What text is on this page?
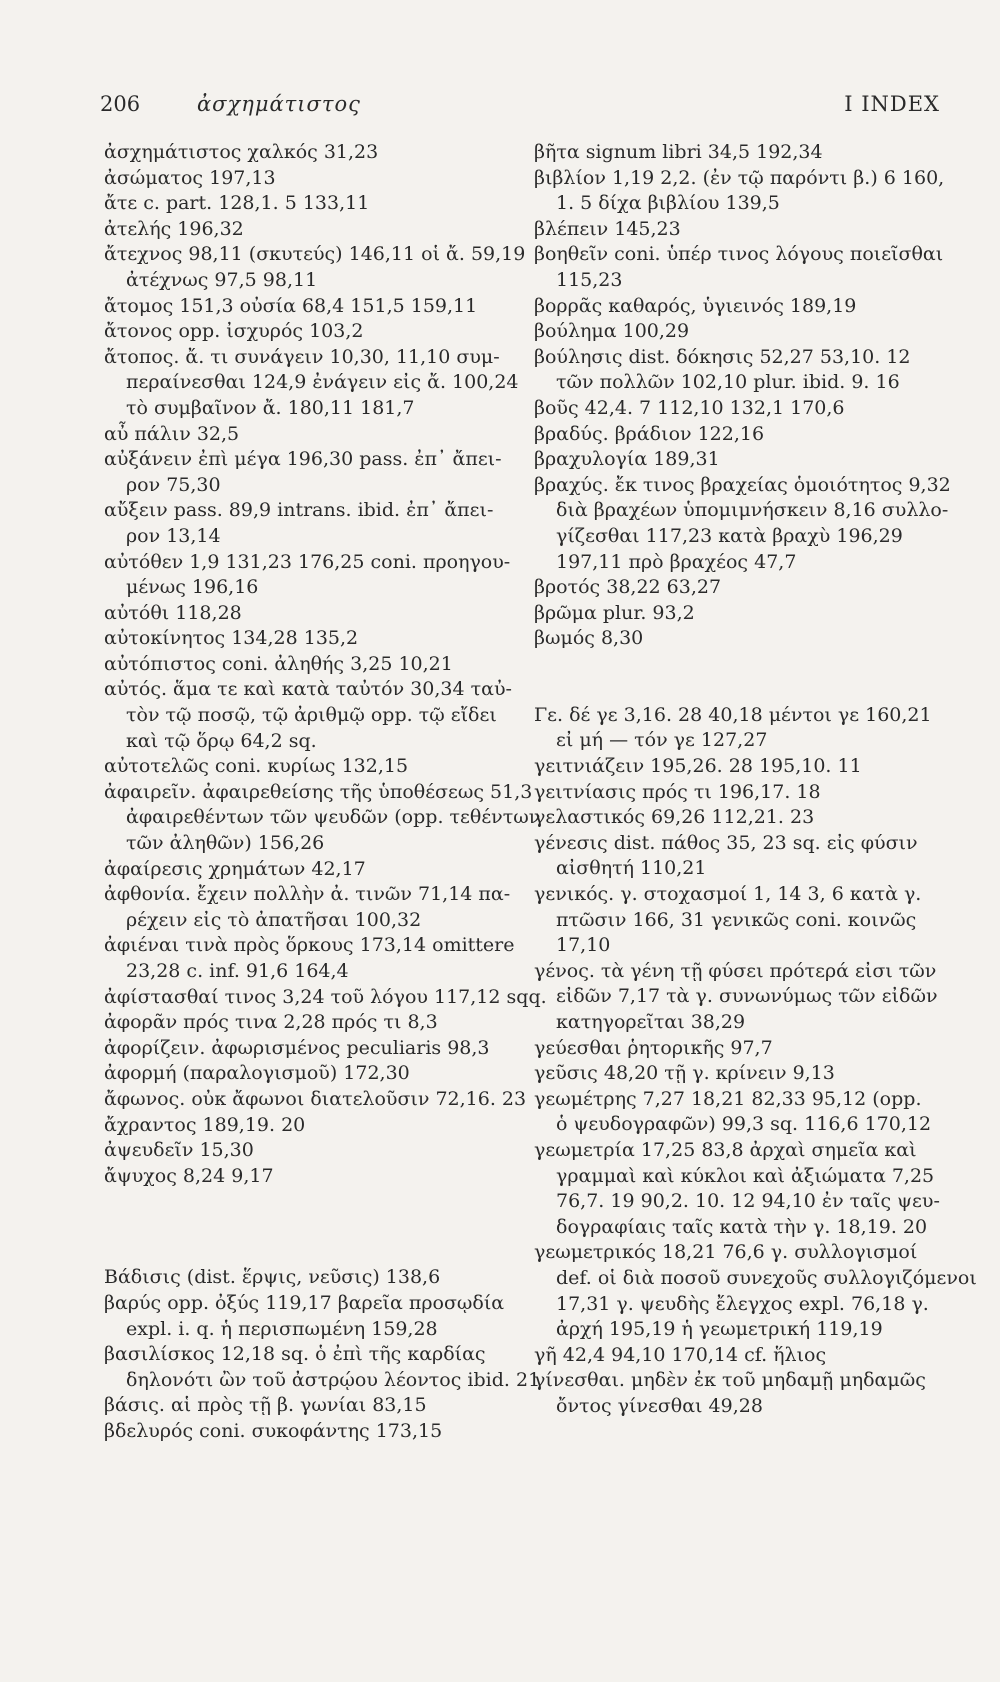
206	ἀσχημάτιστος	I INDEX
ἀσχημάτιστος χαλκός 31,23
ἀσώματος 197,13
ἄτε c. part. 128,1. 5 133,11
ἀτελής 196,32
ἄτεχνος 98,11 (σκυτεύς) 146,11 οἱ ἄ. 59,19
ἀτέχνως 97,5 98,11
ἄτομος 151,3 οὐσία 68,4 151,5 159,11
ἄτονος opp. ἰσχυρός 103,2
ἄτοπος. ἄ. τι συνάγειν 10,30, 11,10 συμ-
περαίνεσθαι 124,9 ἐνάγειν εἰς ἄ. 100,24
τὸ συμβαῖνον ἄ. 180,11 181,7
αὖ πάλιν 32,5
αὐξάνειν ἐπὶ μέγα 196,30 pass. ἐπ᾽ ἄπει-
ρον 75,30
αὔξειν pass. 89,9 intrans. ibid. ἐπ᾽ ἄπει-
ρον 13,14
αὐτόθεν 1,9 131,23 176,25 coni. προηγου-
μένως 196,16
αὐτόθι 118,28
αὐτοκίνητος 134,28 135,2
αὐτόπιστος coni. ἀληθής 3,25 10,21
αὐτός. ἅμα τε καὶ κατὰ ταὐτόν 30,34 ταὐ-
τὸν τῷ ποσῷ, τῷ ἀριθμῷ opp. τῷ εἴδει
καὶ τῷ ὅρῳ 64,2 sq.
αὐτοτελῶς coni. κυρίως 132,15
ἀφαιρεῖν. ἀφαιρεθείσης τῆς ὑποθέσεως 51,3
ἀφαιρεθέντων τῶν ψευδῶν (opp. τεθέντων
τῶν ἀληθῶν) 156,26
ἀφαίρεσις χρημάτων 42,17
ἀφθονία. ἔχειν πολλὴν ἀ. τινῶν 71,14 πα-
ρέχειν εἰς τὸ ἀπατῆσαι 100,32
ἀφιέναι τινὰ πρὸς ὅρκους 173,14 omittere
23,28 c. inf. 91,6 164,4
ἀφίστασθαί τινος 3,24 τοῦ λόγου 117,12 sqq.
ἀφορᾶν πρός τινα 2,28 πρός τι 8,3
ἀφορίζειν. ἀφωρισμένος peculiaris 98,3
ἀφορμή (παραλογισμοῦ) 172,30
ἄφωνος. οὐκ ἄφωνοι διατελοῦσιν 72,16. 23
ἄχραντος 189,19. 20
ἀψευδεῖν 15,30
ἄψυχος 8,24 9,17
Βάδισις (dist. ἕρψις, νεῦσις) 138,6
βαρύς opp. ὀξύς 119,17 βαρεῖα προσῳδία
expl. i. q. ἡ περισπωμένη 159,28
βασιλίσκος 12,18 sq. ὁ ἐπὶ τῆς καρδίας
δηλονότι ὢν τοῦ ἀστρῴου λέοντος ibid. 21
βάσις. αἱ πρὸς τῇ β. γωνίαι 83,15
βδελυρός coni. συκοφάντης 173,15
βῆτα signum libri 34,5 192,34
βιβλίον 1,19 2,2. (ἐν τῷ παρόντι β.) 6 160,
1. 5 δίχα βιβλίου 139,5
βλέπειν 145,23
βοηθεῖν coni. ὑπέρ τινος λόγους ποιεῖσθαι
115,23
βορρᾶς καθαρός, ὑγιεινός 189,19
βούλημα 100,29
βούλησις dist. δόκησις 52,27 53,10. 12
τῶν πολλῶν 102,10 plur. ibid. 9. 16
βοῦς 42,4. 7 112,10 132,1 170,6
βραδύς. βράδιον 122,16
βραχυλογία 189,31
βραχύς. ἔκ τινος βραχείας ὁμοιότητος 9,32
διὰ βραχέων ὑπομιμνήσκειν 8,16 συλλο-
γίζεσθαι 117,23 κατὰ βραχὺ 196,29
197,11 πρὸ βραχέος 47,7
βροτός 38,22 63,27
βρῶμα plur. 93,2
βωμός 8,30
Γε. δέ γε 3,16. 28 40,18 μέντοι γε 160,21
εἰ μή — τόν γε 127,27
γειτνιάζειν 195,26. 28 195,10. 11
γειτνίασις πρός τι 196,17. 18
γελαστικός 69,26 112,21. 23
γένεσις dist. πάθος 35, 23 sq. εἰς φύσιν
αἰσθητή 110,21
γενικός. γ. στοχασμοί 1, 14 3, 6 κατὰ γ.
πτῶσιν 166, 31 γενικῶς coni. κοινῶς
17,10
γένος. τὰ γένη τῇ φύσει πρότερά εἰσι τῶν
εἰδῶν 7,17 τὰ γ. συνωνύμως τῶν εἰδῶν
κατηγορεῖται 38,29
γεύεσθαι ῥητορικῆς 97,7
γεῦσις 48,20 τῇ γ. κρίνειν 9,13
γεωμέτρης 7,27 18,21 82,33 95,12 (opp.
ὁ ψευδογραφῶν) 99,3 sq. 116,6 170,12
γεωμετρία 17,25 83,8 ἀρχαὶ σημεῖα καὶ
γραμμαὶ καὶ κύκλοι καὶ ἀξιώματα 7,25
76,7. 19 90,2. 10. 12 94,10 ἐν ταῖς ψευ-
δογραφίαις ταῖς κατὰ τὴν γ. 18,19. 20
γεωμετρικός 18,21 76,6 γ. συλλογισμοί
def. οἱ διὰ ποσοῦ συνεχοῦς συλλογιζόμενοι
17,31 γ. ψευδὴς ἔλεγχος expl. 76,18 γ.
ἀρχή 195,19 ἡ γεωμετρική 119,19
γῆ 42,4 94,10 170,14 cf. ἥλιος
γίνεσθαι. μηδὲν ἐκ τοῦ μηδαμῇ μηδαμῶς
ὄντος γίνεσθαι 49,28
